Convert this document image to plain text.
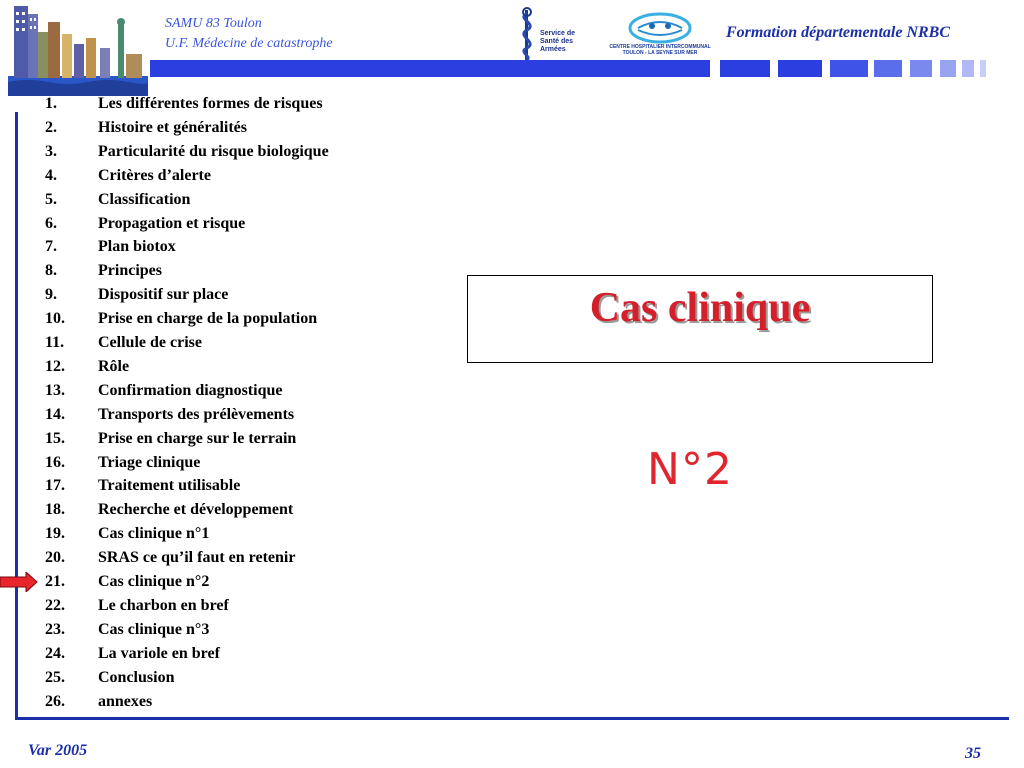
SAMU 83 Toulon
U.F. Médecine de catastrophe
Service de Santé des Armées	CENTRE HOSPITALIER INTERCOMMUNAL
TOULON - LA SEYNE SUR MER
Formation départementale NRBC
1.	Les différentes formes de risques
2.	Histoire et généralités
3.	Particularité du risque biologique
4.	Critères d’alerte
5.	Classification
6.	Propagation et risque
7.	Plan biotox
8.	Principes
9.	Dispositif sur place
10.	Prise en charge de la population
11.	Cellule de crise
12.	Rôle
13.	Confirmation diagnostique
14.	Transports des prélèvements
15.	Prise en charge sur le terrain
16.	Triage clinique
17.	Traitement utilisable
18.	Recherche et développement
19.	Cas clinique n°1
20.	SRAS ce qu’il faut en retenir
21.	Cas clinique n°2
22.	Le charbon en bref
23.	Cas clinique n°3
24.	La variole en bref
25.	Conclusion
26.	annexes
Cas clinique
N°2
Var 2005	35
